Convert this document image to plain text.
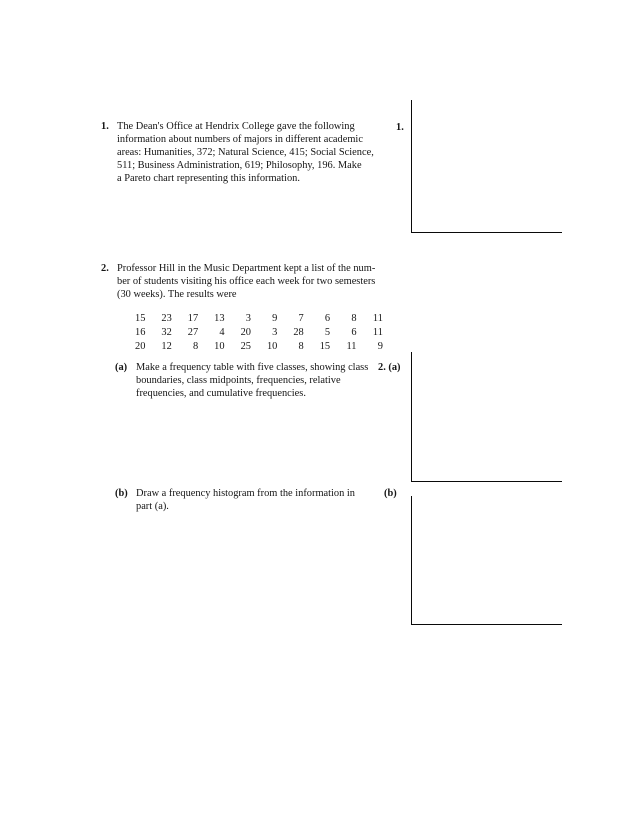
1. The Dean's Office at Hendrix College gave the following
information about numbers of majors in different academic
areas: Humanities, 372; Natural Science, 415; Social Science,
511; Business Administration, 619; Philosophy, 196. Make
a Pareto chart representing this information.
1.
2. Professor Hill in the Music Department kept a list of the num-
ber of students visiting his office each week for two semesters
(30 weeks). The results were
15	23	17	13	3	9	7	6	8	11
16	32	27	4	20	3	28	5	6	11
20	12	8	10	25	10	8	15	11	9
(a) Make a frequency table with five classes, showing class
boundaries, class midpoints, frequencies, relative
frequencies, and cumulative frequencies.
2. (a)
(b) Draw a frequency histogram from the information in
part (a).
(b)
